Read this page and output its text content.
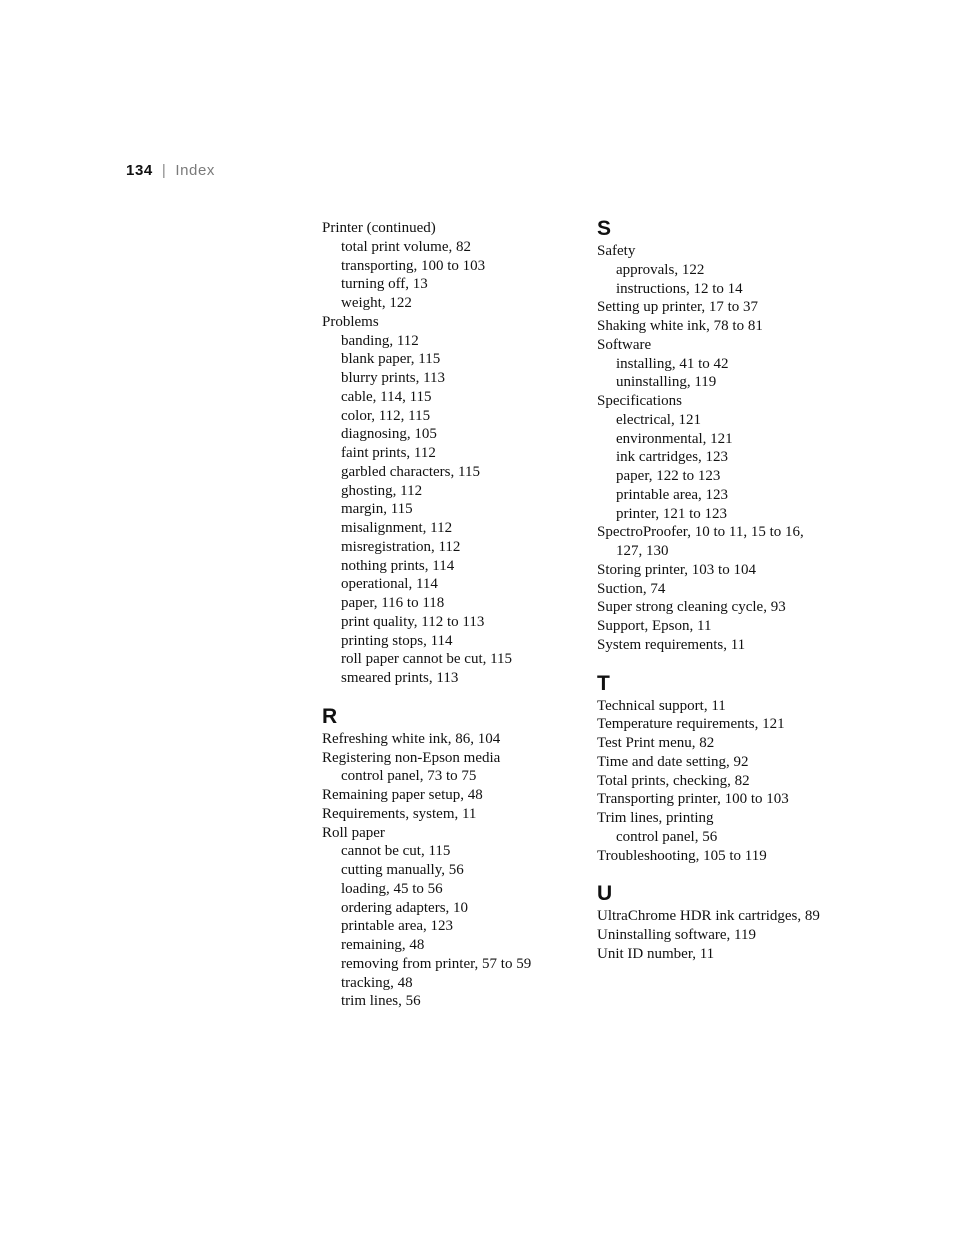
134 | Index
Printer (continued)
total print volume, 82
transporting, 100 to 103
turning off, 13
weight, 122
Problems
banding, 112
blank paper, 115
blurry prints, 113
cable, 114, 115
color, 112, 115
diagnosing, 105
faint prints, 112
garbled characters, 115
ghosting, 112
margin, 115
misalignment, 112
misregistration, 112
nothing prints, 114
operational, 114
paper, 116 to 118
print quality, 112 to 113
printing stops, 114
roll paper cannot be cut, 115
smeared prints, 113
R
Refreshing white ink, 86, 104
Registering non-Epson media
control panel, 73 to 75
Remaining paper setup, 48
Requirements, system, 11
Roll paper
cannot be cut, 115
cutting manually, 56
loading, 45 to 56
ordering adapters, 10
printable area, 123
remaining, 48
removing from printer, 57 to 59
tracking, 48
trim lines, 56
S
Safety
approvals, 122
instructions, 12 to 14
Setting up printer, 17 to 37
Shaking white ink, 78 to 81
Software
installing, 41 to 42
uninstalling, 119
Specifications
electrical, 121
environmental, 121
ink cartridges, 123
paper, 122 to 123
printable area, 123
printer, 121 to 123
SpectroProofer, 10 to 11, 15 to 16,
127, 130
Storing printer, 103 to 104
Suction, 74
Super strong cleaning cycle, 93
Support, Epson, 11
System requirements, 11
T
Technical support, 11
Temperature requirements, 121
Test Print menu, 82
Time and date setting, 92
Total prints, checking, 82
Transporting printer, 100 to 103
Trim lines, printing
control panel, 56
Troubleshooting, 105 to 119
U
UltraChrome HDR ink cartridges, 89
Uninstalling software, 119
Unit ID number, 11
